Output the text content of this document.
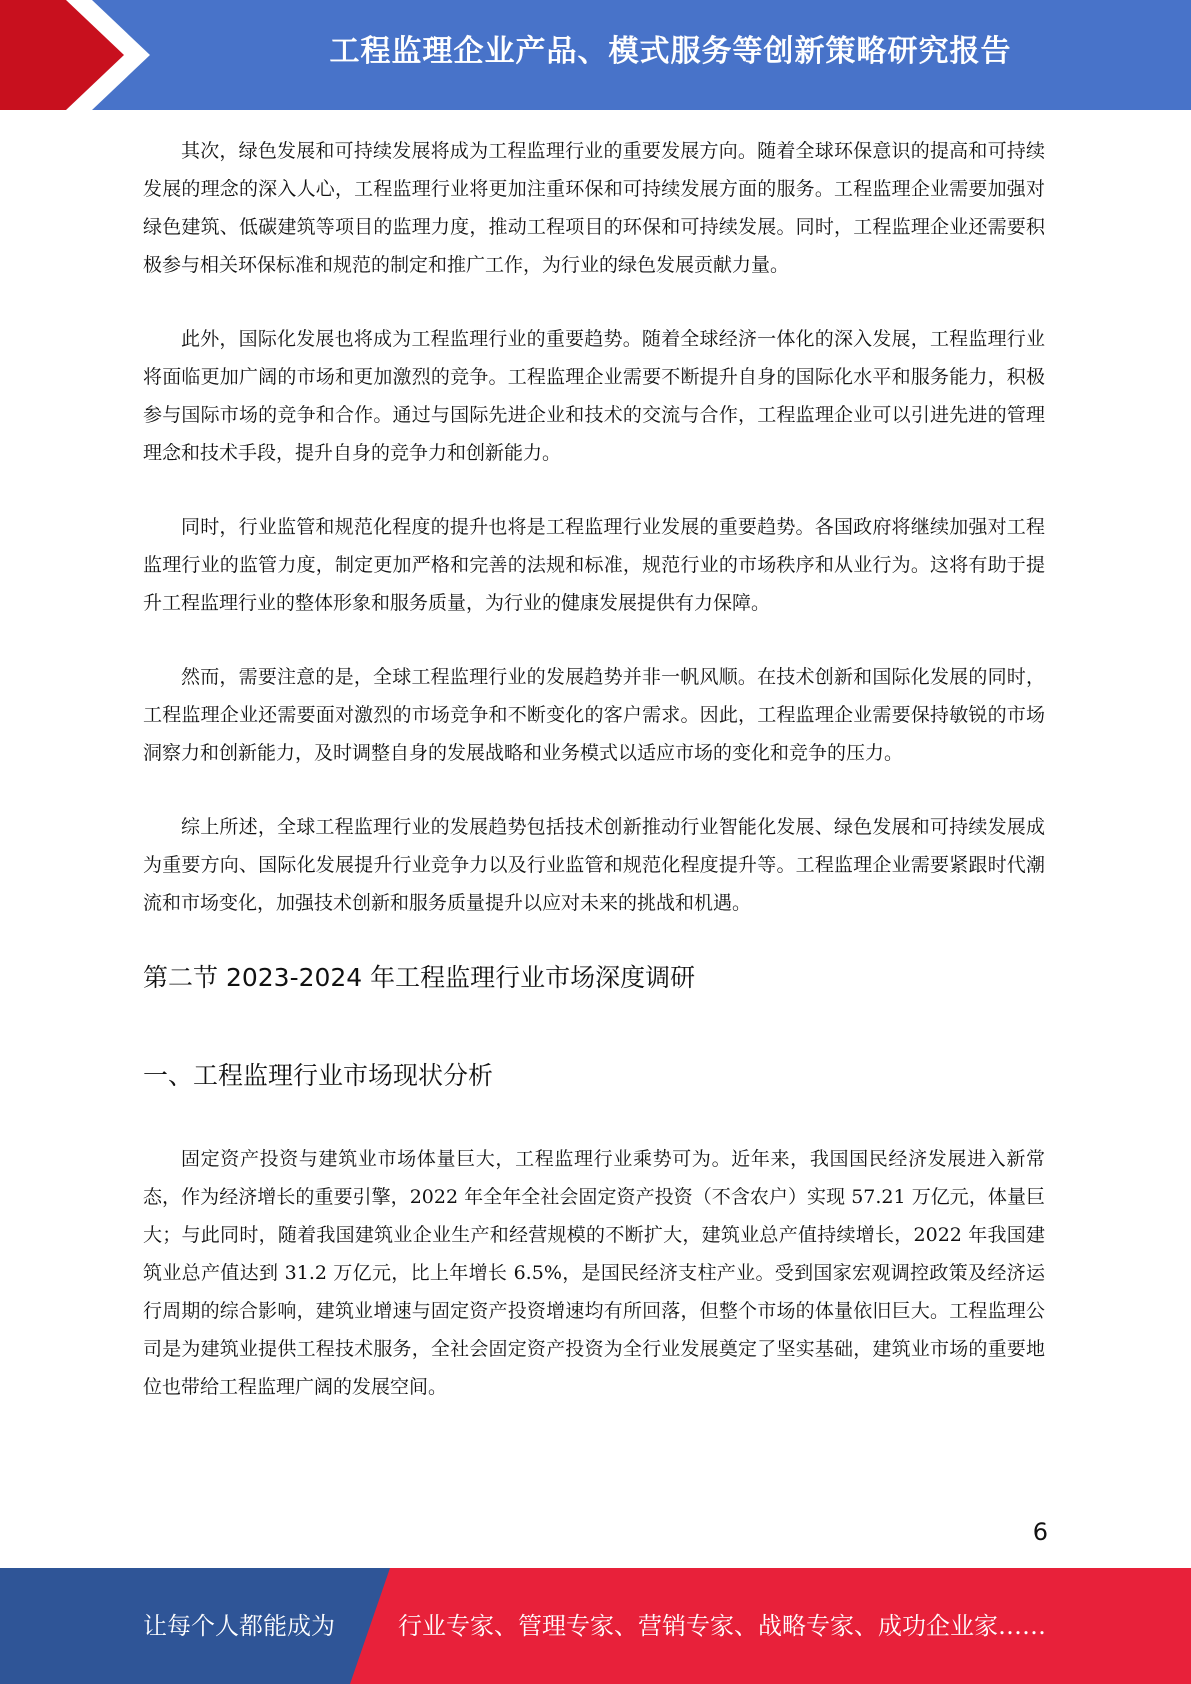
工程监理企业产品、模式服务等创新策略研究报告

其次，绿色发展和可持续发展将成为工程监理行业的重要发展方向。随着全球环保意识的提高和可持续发展的理念的深入人心，工程监理行业将更加注重环保和可持续发展方面的服务。工程监理企业需要加强对绿色建筑、低碳建筑等项目的监理力度，推动工程项目的环保和可持续发展。同时，工程监理企业还需要积极参与相关环保标准和规范的制定和推广工作，为行业的绿色发展贡献力量。

此外，国际化发展也将成为工程监理行业的重要趋势。随着全球经济一体化的深入发展，工程监理行业将面临更加广阔的市场和更加激烈的竞争。工程监理企业需要不断提升自身的国际化水平和服务能力，积极参与国际市场的竞争和合作。通过与国际先进企业和技术的交流与合作，工程监理企业可以引进先进的管理理念和技术手段，提升自身的竞争力和创新能力。

同时，行业监管和规范化程度的提升也将是工程监理行业发展的重要趋势。各国政府将继续加强对工程监理行业的监管力度，制定更加严格和完善的法规和标准，规范行业的市场秩序和从业行为。这将有助于提升工程监理行业的整体形象和服务质量，为行业的健康发展提供有力保障。

然而，需要注意的是，全球工程监理行业的发展趋势并非一帆风顺。在技术创新和国际化发展的同时，工程监理企业还需要面对激烈的市场竞争和不断变化的客户需求。因此，工程监理企业需要保持敏锐的市场洞察力和创新能力，及时调整自身的发展战略和业务模式以适应市场的变化和竞争的压力。

综上所述，全球工程监理行业的发展趋势包括技术创新推动行业智能化发展、绿色发展和可持续发展成为重要方向、国际化发展提升行业竞争力以及行业监管和规范化程度提升等。工程监理企业需要紧跟时代潮流和市场变化，加强技术创新和服务质量提升以应对未来的挑战和机遇。

第二节 2023-2024 年工程监理行业市场深度调研
一、工程监理行业市场现状分析

固定资产投资与建筑业市场体量巨大，工程监理行业乘势可为。近年来，我国国民经济发展进入新常态，作为经济增长的重要引擎，2022 年全年全社会固定资产投资（不含农户）实现 57.21 万亿元，体量巨大；与此同时，随着我国建筑业企业生产和经营规模的不断扩大，建筑业总产值持续增长，2022 年我国建筑业总产值达到 31.2 万亿元，比上年增长 6.5%，是国民经济支柱产业。受到国家宏观调控政策及经济运行周期的综合影响，建筑业增速与固定资产投资增速均有所回落，但整个市场的体量依旧巨大。工程监理公司是为建筑业提供工程技术服务，全社会固定资产投资为全行业发展奠定了坚实基础，建筑业市场的重要地位也带给工程监理广阔的发展空间。

6
让每个人都能成为	行业专家、管理专家、营销专家、战略专家、成功企业家……
